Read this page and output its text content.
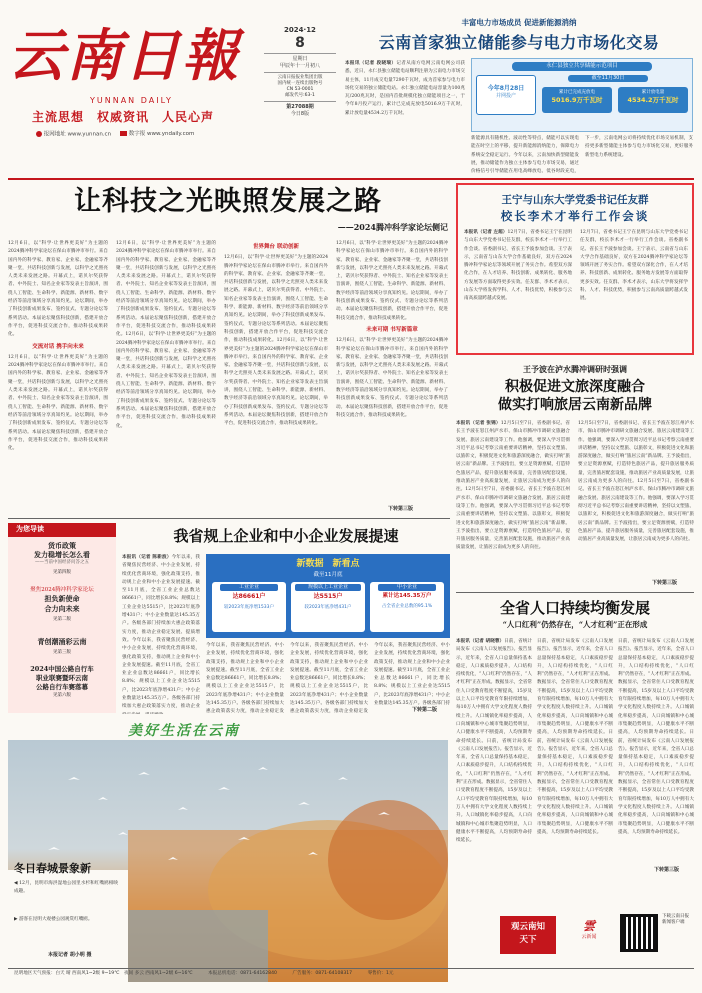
云南日報
YUNNAN DAILY
主流思想　权威资讯　人民心声
报网地址 www.yunnan.cn	数字报 www.yndaily.com
2024·12
8
星期日
甲辰年十一月初八
云南日报报业集团出版
国内统一连续出版物号
CN 53-0001
邮发代号:63-1
第27088期
今日8版
丰富电力市场成员 促进新能源消纳
云南首家独立储能参与电力市场化交易
本报讯（记者 段晓瑞）记者从南方电网云南电网公司获悉，近日，永仁县独立储能电站顺利注册为云南电力市场交易主体，11月成交电量7290千瓦时，成为首家参与电力市场化交易的独立储能电站。永仁独立储能电站容量为100兆瓦/200兆瓦时，是国内首批规模化独立储能项目之一，于今年8月投产运行，累计已完成充放电5016.9万千瓦时，累计放电量4534.2万千瓦时。
永仁县独立共享储能示范项目
今年8月28日
并网投产
截至11月30日
累计已完成充放电
5016.9万千瓦时
累计放电量
4534.2万千瓦时
新能源具有随机性、波动性等特点，储能可以实现电能在时空上的平移，提升新能源消纳能力，保障电力系统安全稳定运行。今年以来，云南加快新型储能发展，推动储能作为独立主体参与电力市场交易，通过价格信号引导储能在用电高峰放电、低谷时段充电，
下一步，云南电网公司将持续优化市场交易机制，支持更多新型储能主体参与电力市场化交易，更好服务新型电力系统建设。
让科技之光映照发展之路
——2024腾冲科学家论坛侧记
12月6日，以“科学·让世界更美好”为主题的2024腾冲科学家论坛在保山市腾冲市举行。来自国内外的科学家、教育家、企业家、金融家等齐聚一堂，共话科技创新与发展，以科学之光照亮人类未来发展之路。开幕式上，诺贝尔奖获得者、中外院士、知名企业家等发表主旨演讲，围绕人工智能、生命科学、新能源、新材料、数字经济等前沿领域分享真知灼见。论坛期间，举办了科技创新成果发布、签约仪式、专题分论坛等系列活动。本届论坛聚焦科技创新，搭建开放合作平台，促进科技交流合作，推动科技成果转化。
交流对话 携手向未来
12月6日，以“科学·让世界更美好”为主题的2024腾冲科学家论坛在保山市腾冲市举行。来自国内外的科学家、教育家、企业家、金融家等齐聚一堂，共话科技创新与发展，以科学之光照亮人类未来发展之路。开幕式上，诺贝尔奖获得者、中外院士、知名企业家等发表主旨演讲，围绕人工智能、生命科学、新能源、新材料、数字经济等前沿领域分享真知灼见。论坛期间，举办了科技创新成果发布、签约仪式、专题分论坛等系列活动。本届论坛聚焦科技创新，搭建开放合作平台，促进科技交流合作，推动科技成果转化。
12月6日，以“科学·让世界更美好”为主题的2024腾冲科学家论坛在保山市腾冲市举行。来自国内外的科学家、教育家、企业家、金融家等齐聚一堂，共话科技创新与发展，以科学之光照亮人类未来发展之路。开幕式上，诺贝尔奖获得者、中外院士、知名企业家等发表主旨演讲，围绕人工智能、生命科学、新能源、新材料、数字经济等前沿领域分享真知灼见。论坛期间，举办了科技创新成果发布、签约仪式、专题分论坛等系列活动。本届论坛聚焦科技创新，搭建开放合作平台，促进科技交流合作，推动科技成果转化。12月6日，以“科学·让世界更美好”为主题的2024腾冲科学家论坛在保山市腾冲市举行。来自国内外的科学家、教育家、企业家、金融家等齐聚一堂，共话科技创新与发展，以科学之光照亮人类未来发展之路。开幕式上，诺贝尔奖获得者、中外院士、知名企业家等发表主旨演讲，围绕人工智能、生命科学、新能源、新材料、数字经济等前沿领域分享真知灼见。论坛期间，举办了科技创新成果发布、签约仪式、专题分论坛等系列活动。本届论坛聚焦科技创新，搭建开放合作平台，促进科技交流合作，推动科技成果转化。
世界舞台 联动创新
12月6日，以“科学·让世界更美好”为主题的2024腾冲科学家论坛在保山市腾冲市举行。来自国内外的科学家、教育家、企业家、金融家等齐聚一堂，共话科技创新与发展，以科学之光照亮人类未来发展之路。开幕式上，诺贝尔奖获得者、中外院士、知名企业家等发表主旨演讲，围绕人工智能、生命科学、新能源、新材料、数字经济等前沿领域分享真知灼见。论坛期间，举办了科技创新成果发布、签约仪式、专题分论坛等系列活动。本届论坛聚焦科技创新，搭建开放合作平台，促进科技交流合作，推动科技成果转化。12月6日，以“科学·让世界更美好”为主题的2024腾冲科学家论坛在保山市腾冲市举行。来自国内外的科学家、教育家、企业家、金融家等齐聚一堂，共话科技创新与发展，以科学之光照亮人类未来发展之路。开幕式上，诺贝尔奖获得者、中外院士、知名企业家等发表主旨演讲，围绕人工智能、生命科学、新能源、新材料、数字经济等前沿领域分享真知灼见。论坛期间，举办了科技创新成果发布、签约仪式、专题分论坛等系列活动。本届论坛聚焦科技创新，搭建开放合作平台，促进科技交流合作，推动科技成果转化。
12月6日，以“科学·让世界更美好”为主题的2024腾冲科学家论坛在保山市腾冲市举行。来自国内外的科学家、教育家、企业家、金融家等齐聚一堂，共话科技创新与发展，以科学之光照亮人类未来发展之路。开幕式上，诺贝尔奖获得者、中外院士、知名企业家等发表主旨演讲，围绕人工智能、生命科学、新能源、新材料、数字经济等前沿领域分享真知灼见。论坛期间，举办了科技创新成果发布、签约仪式、专题分论坛等系列活动。本届论坛聚焦科技创新，搭建开放合作平台，促进科技交流合作，推动科技成果转化。
未来可期 书写新篇章
12月6日，以“科学·让世界更美好”为主题的2024腾冲科学家论坛在保山市腾冲市举行。来自国内外的科学家、教育家、企业家、金融家等齐聚一堂，共话科技创新与发展，以科学之光照亮人类未来发展之路。开幕式上，诺贝尔奖获得者、中外院士、知名企业家等发表主旨演讲，围绕人工智能、生命科学、新能源、新材料、数字经济等前沿领域分享真知灼见。论坛期间，举办了科技创新成果发布、签约仪式、专题分论坛等系列活动。本届论坛聚焦科技创新，搭建开放合作平台，促进科技交流合作，推动科技成果转化。
下转第三版
王宁与山东大学党委书记任友群
校长李术才举行工作会谈
本报讯（记者 左超）12月7日，省委书记王宁在昆明与山东大学党委书记任友群，校长李术才一行举行工作会谈。省委副书记、省长王予波参加会谈。王宁表示，云南省与山东大学合作基础良好，双方在2024腾冲科学家论坛等领域开展了务实合作。希望双方深化合作，在人才培养、科技创新、成果转化、服务地方发展等方面取得更多实效。任友群、李术才表示，山东大学将发挥学科、人才、科技优势，积极参与云南高质量跨越式发展。
12月7日，省委书记王宁在昆明与山东大学党委书记任友群，校长李术才一行举行工作会谈。省委副书记、省长王予波参加会谈。王宁表示，云南省与山东大学合作基础良好，双方在2024腾冲科学家论坛等领域开展了务实合作。希望双方深化合作，在人才培养、科技创新、成果转化、服务地方发展等方面取得更多实效。任友群、李术才表示，山东大学将发挥学科、人才、科技优势，积极参与云南高质量跨越式发展。
王予波在泸水腾冲调研时强调
积极促进文旅深度融合
做实打响旅居云南新品牌
本报讯（记者 张锦）12月5日至7日，省委副书记、省长王予波在怒江州泸水市、保山市腾冲市调研文旅融合发展、旅居云南建设等工作。他强调，要深入学习贯彻习近平总书记考察云南重要讲话精神，坚持以文塑旅、以旅彰文，积极促进文化和旅游深度融合，做实打响“旅居云南”新品牌。王予波指出，要立足资源禀赋，打造特色旅居产品，提升旅居服务质量，完善旅居配套设施，推动旅居产业高质量发展，让旅居云南成为更多人的向往。12月5日至7日，省委副书记、省长王予波在怒江州泸水市、保山市腾冲市调研文旅融合发展、旅居云南建设等工作。他强调，要深入学习贯彻习近平总书记考察云南重要讲话精神，坚持以文塑旅、以旅彰文，积极促进文化和旅游深度融合，做实打响“旅居云南”新品牌。王予波指出，要立足资源禀赋，打造特色旅居产品，提升旅居服务质量，完善旅居配套设施，推动旅居产业高质量发展，让旅居云南成为更多人的向往。
12月5日至7日，省委副书记、省长王予波在怒江州泸水市、保山市腾冲市调研文旅融合发展、旅居云南建设等工作。他强调，要深入学习贯彻习近平总书记考察云南重要讲话精神，坚持以文塑旅、以旅彰文，积极促进文化和旅游深度融合，做实打响“旅居云南”新品牌。王予波指出，要立足资源禀赋，打造特色旅居产品，提升旅居服务质量，完善旅居配套设施，推动旅居产业高质量发展，让旅居云南成为更多人的向往。12月5日至7日，省委副书记、省长王予波在怒江州泸水市、保山市腾冲市调研文旅融合发展、旅居云南建设等工作。他强调，要深入学习贯彻习近平总书记考察云南重要讲话精神，坚持以文塑旅、以旅彰文，积极促进文化和旅游深度融合，做实打响“旅居云南”新品牌。王予波指出，要立足资源禀赋，打造特色旅居产品，提升旅居服务质量，完善旅居配套设施，推动旅居产业高质量发展，让旅居云南成为更多人的向往。
下转第三版
为您导读
货币政策
发力稳增长怎么看
——当前中国经济问答之五
见第四版
聚焦2024腾冲科学家论坛
担负新使命
合力向未来
见第二版
青创潮涌彩云南
见第三版
2024中国公路自行车
职业联赛暨环云南
公路自行车赛落幕
见第六版
我省规上企业和中小企业发展提速
本报讯（记者 陈新波）今年以来，我省聚焦民营经济、中小企业发展，持续优化营商环境，强化政策支持，推动规上企业和中小企业发展提速。截至11月底，全省工业企业总数达86661户，同比增长8.8%；规模以上工业企业达5515户，比2023年底净增431户；中小企业数量达145.35万户。各级各部门持续加大惠企政策落实力度，推动企业稳定发展、提质增效。今年以来，我省聚焦民营经济、中小企业发展，持续优化营商环境，强化政策支持，推动规上企业和中小企业发展提速。截至11月底，全省工业企业总数达86661户，同比增长8.8%；规模以上工业企业达5515户，比2023年底净增431户；中小企业数量达145.35万户。各级各部门持续加大惠企政策落实力度，推动企业
新数据　新看点
截至11月底
工业企业
达86661户
较2023年底净增1533户
规模以上工业企业
达5515户
较2023年底净增431户
中小企业
累计达145.35万户
占全省企业总数的95.1%
今年以来，我省聚焦民营经济、中小企业发展，持续优化营商环境，强化政策支持，推动规上企业和中小企业发展提速。截至11月底，全省工业企业总数达86661户，同比增长8.8%；规模以上工业企业达5515户，比2023年底净增431户；中小企业数量达145.35万户。各级各部门持续加大惠企政策落实力度，推动企业稳定发
今年以来，我省聚焦民营经济、中小企业发展，持续优化营商环境，强化政策支持，推动规上企业和中小企业发展提速。截至11月底，全省工业企业总数达86661户，同比增长8.8%；规模以上工业企业达5515户，比2023年底净增431户；中小企业数量达145.35万户。各级各部门持续加大惠企政策落实力度，推动企业稳定发
今年以来，我省聚焦民营经济、中小企业发展，持续优化营商环境，强化政策支持，推动规上企业和中小企业发展提速。截至11月底，全省工业企业总数达86661户，同比增长8.8%；规模以上工业企业达5515户，比2023年底净增431户；中小企业数量达145.35万户。各级各部门持
下转第二版
全省人口持续均衡发展
“人口红利”仍然存在，“人才红利”正在形成
本报讯（记者 胡晓蓉）日前，省统计局发布《云南人口发展报告》。报告显示，近年来，全省人口总量保持基本稳定，人口素质稳步提升，人口结构持续优化，“人口红利”仍然存在，“人才红利”正在形成。数据显示，全省常住人口受教育程度不断提高，15岁及以上人口平均受教育年限持续增加，每10万人中拥有大学文化程度人数持续上升。人口城镇化率稳步提高，人口向城镇和中心城市集聚趋势明显，人口健康水平不断提高，人均预期寿命持续延长。日前，省统计局发布《云南人口发展报告》。报告显示，近年来，全省人口总量保持基本稳定，人口素质稳步提升，人口结构持续优化，“人口红利”仍然存在，“人才红利”正在形成。数据显示，全省常住人口受教育程度不断提高，15岁及以上人口平均受教育年限持续增加，每10万人中拥有大学文化程度人数持续上升。人口城镇化率稳步提高，人口向城镇和中心城市集聚趋势明显，人口健康水平不断提高，人均预期寿命持续延长。
日前，省统计局发布《云南人口发展报告》。报告显示，近年来，全省人口总量保持基本稳定，人口素质稳步提升，人口结构持续优化，“人口红利”仍然存在，“人才红利”正在形成。数据显示，全省常住人口受教育程度不断提高，15岁及以上人口平均受教育年限持续增加，每10万人中拥有大学文化程度人数持续上升。人口城镇化率稳步提高，人口向城镇和中心城市集聚趋势明显，人口健康水平不断提高，人均预期寿命持续延长。日前，省统计局发布《云南人口发展报告》。报告显示，近年来，全省人口总量保持基本稳定，人口素质稳步提升，人口结构持续优化，“人口红利”仍然存在，“人才红利”正在形成。数据显示，全省常住人口受教育程度不断提高，15岁及以上人口平均受教育年限持续增加，每10万人中拥有大学文化程度人数持续上升。人口城镇化率稳步提高，人口向城镇和中心城市集聚趋势明显，人口健康水平不断提高，人均预期寿命持续延长。
日前，省统计局发布《云南人口发展报告》。报告显示，近年来，全省人口总量保持基本稳定，人口素质稳步提升，人口结构持续优化，“人口红利”仍然存在，“人才红利”正在形成。数据显示，全省常住人口受教育程度不断提高，15岁及以上人口平均受教育年限持续增加，每10万人中拥有大学文化程度人数持续上升。人口城镇化率稳步提高，人口向城镇和中心城市集聚趋势明显，人口健康水平不断提高，人均预期寿命持续延长。日前，省统计局发布《云南人口发展报告》。报告显示，近年来，全省人口总量保持基本稳定，人口素质稳步提升，人口结构持续优化，“人口红利”仍然存在，“人才红利”正在形成。数据显示，全省常住人口受教育程度不断提高，15岁及以上人口平均受教育年限持续增加，每10万人中拥有大学文化程度人数持续上升。人口城镇化率稳步提高，人口向城镇和中心城市集聚趋势明显，人口健康水平不断提高，人均预期寿命持续延长。
下转第三版
美好生活在云南
冬日春城景象新
◀ 12月，昆明市海洪湿地公园里水杉和红嘴鸥相映成趣。
▶ 游客在昆明大观楼公园观赏红嘴鸥。
本报记者 胡小明 摄
观云南知天下
雲
云新闻
下载云南日报新闻客户端
昆明地区天气预报：白天 晴 西南风1~2级 9~19℃　夜间 多云 西南风1~2级 6~16℃	本报总机电话：0871-64162840	广告服务：0871-64108317	零售价：1元
